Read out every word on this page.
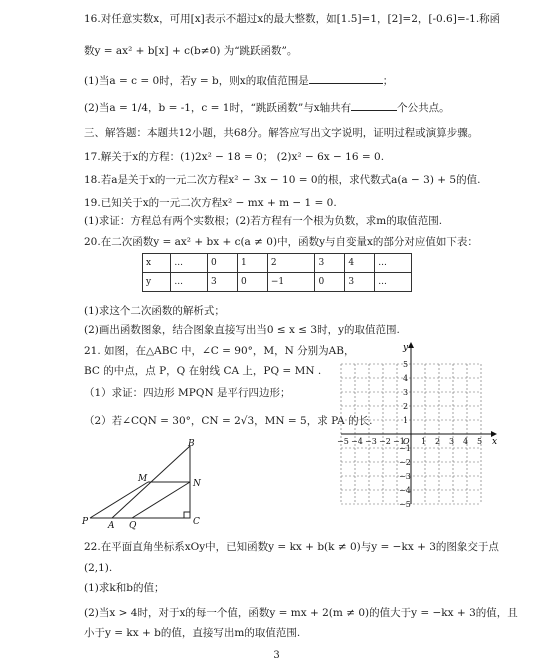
16.对任意实数x，可用[x]表示不超过x的最大整数，如[1.5]=1，[2]=2，[-0.6]=-1.称函
数y = ax² + b[x] + c(b≠0) 为“跳跃函数”。
(1)当a = c = 0时，若y = b，则x的取值范围是	；
(2)当a = 1/4，b = -1，c = 1时，“跳跃函数”与x轴共有	个公共点。
三、解答题：本题共12小题，共68分。解答应写出文字说明，证明过程或演算步骤。
17.解关于x的方程：(1)2x² − 18 = 0； (2)x² − 6x − 16 = 0.
18.若a是关于x的一元二次方程x² − 3x − 10 = 0的根，求代数式a(a − 3) + 5的值.
19.已知关于x的一元二次方程x² − mx + m − 1 = 0.
(1)求证：方程总有两个实数根；(2)若方程有一个根为负数，求m的取值范围.
20.在二次函数y = ax² + bx + c(a ≠ 0)中，函数y与自变量x的部分对应值如下表：
x	...	0	1	2	3	4	...
y	...	3	0	−1	0	3	...
(1)求这个二次函数的解析式；
(2)画出函数图象，结合图象直接写出当0 ≤ x ≤ 3时，y的取值范围.
21. 如图，在△ABC 中，∠C = 90°，M，N 分别为AB，
BC 的中点，点 P，Q 在射线 CA 上，PQ = MN .
（1）求证：四边形 MPQN 是平行四边形；
（2）若∠CQN = 30°，CN = 2√3，MN = 5，求 PA 的长.
B
M	N
P A Q	C
−5 −4 −3 −2 −1 1 2 3 4 5
5
4
3
2
1
−1
−2
−3
−4
−5
x
y
O
22.在平面直角坐标系xOy中，已知函数y = kx + b(k ≠ 0)与y = −kx + 3的图象交于点
(2,1).
(1)求k和b的值；
(2)当x > 4时，对于x的每一个值，函数y = mx + 2(m ≠ 0)的值大于y = −kx + 3的值，且
小于y = kx + b的值，直接写出m的取值范围.
3
